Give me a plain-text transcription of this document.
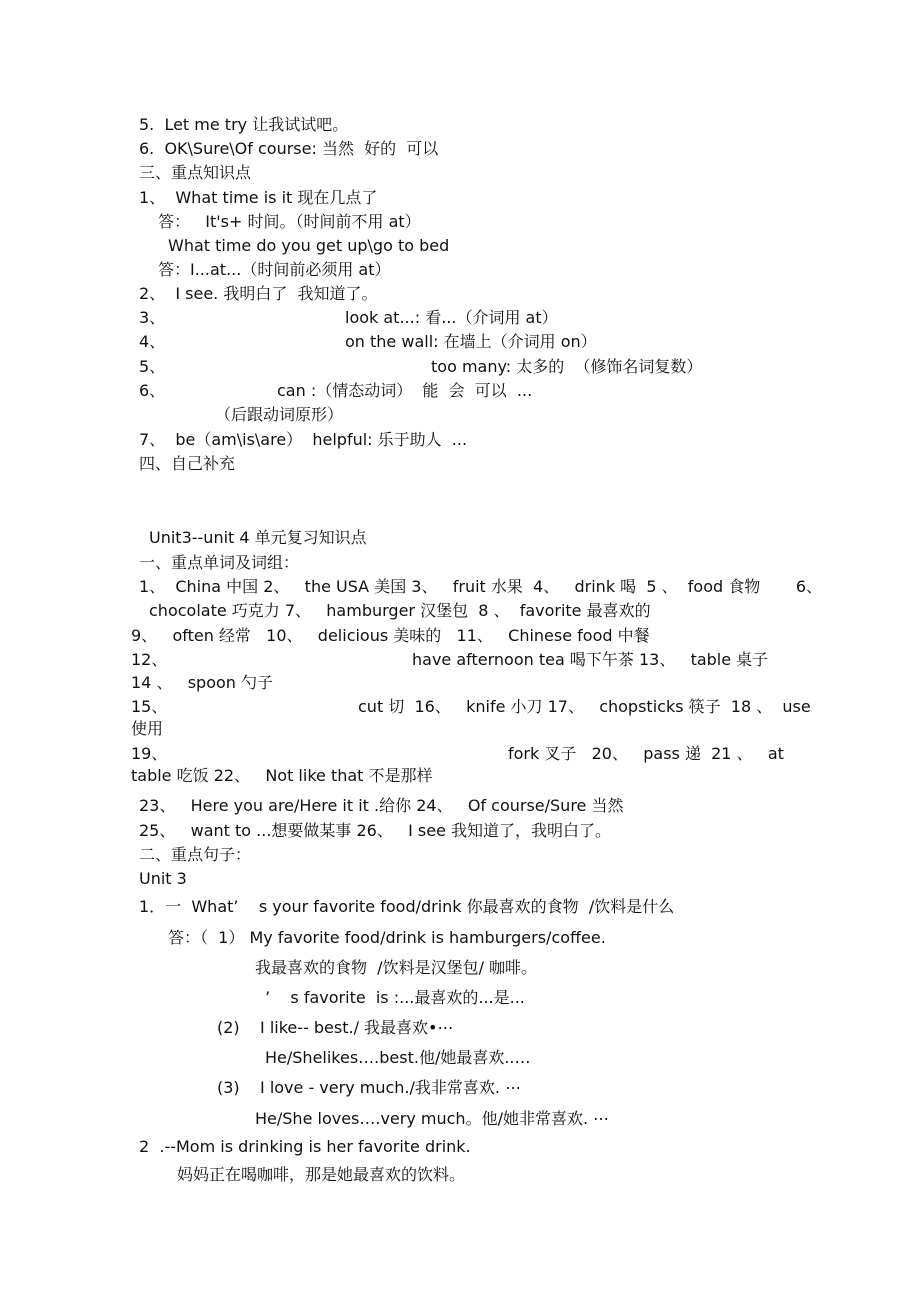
5.  Let me try 让我试试吧。

6.  OK\Sure\Of course: 当然  好的  可以

三、重点知识点

1、  What time is it 现在几点了

答：   It's+ 时间。（时间前不用 at）

What time do you get up\go to bed

答：I...at...（时间前必须用 at）

2、  I see. 我明白了  我知道了。

3、	look at...: 看...（介词用 at）

4、	on the wall: 在墙上（介词用 on）

5、	too many: 太多的  （修饰名词复数）

6、	can :（情态动词）  能  会  可以  ...

（后跟动词原形）

7、  be（am\is\are）  helpful: 乐于助人  ...

四、自己补充

Unit3--unit 4 单元复习知识点

一、重点单词及词组：

1、  China 中国 2、   the USA 美国 3、   fruit 水果  4、   drink 喝  5 、  food 食物       6、

chocolate 巧克力 7、   hamburger 汉堡包  8 、  favorite 最喜欢的

9、   often 经常   10、   delicious 美味的   11、   Chinese food 中餐

12、	have afternoon tea 喝下午茶 13、   table 桌子

14 、   spoon 勺子

15、	cut 切  16、   knife 小刀 17、   chopsticks 筷子  18 、  use

使用

19、	fork 叉子   20、   pass 递  21 、   at

table 吃饭 22、   Not like that 不是那样

23、   Here you are/Here it it .给你 24、   Of course/Sure 当然

25、   want to ...想要做某事 26、   I see 我知道了，我明白了。

二、重点句子：

Unit 3

1．一  What’    s your favorite food/drink 你最喜欢的食物  /饮料是什么

答：（  1） My favorite food/drink is hamburgers/coffee.

我最喜欢的食物  /饮料是汉堡包/ 咖啡。

’    s favorite  is :...最喜欢的...是...

(2)    I like-- best./ 我最喜欢•⋯

He/Shelikes….best.他/她最喜欢..…

(3)    I love - very much./我非常喜欢. ⋯

He/She loves….very much。他/她非常喜欢. ⋯

2  .--Mom is drinking is her favorite drink.

妈妈正在喝咖啡，那是她最喜欢的饮料。
